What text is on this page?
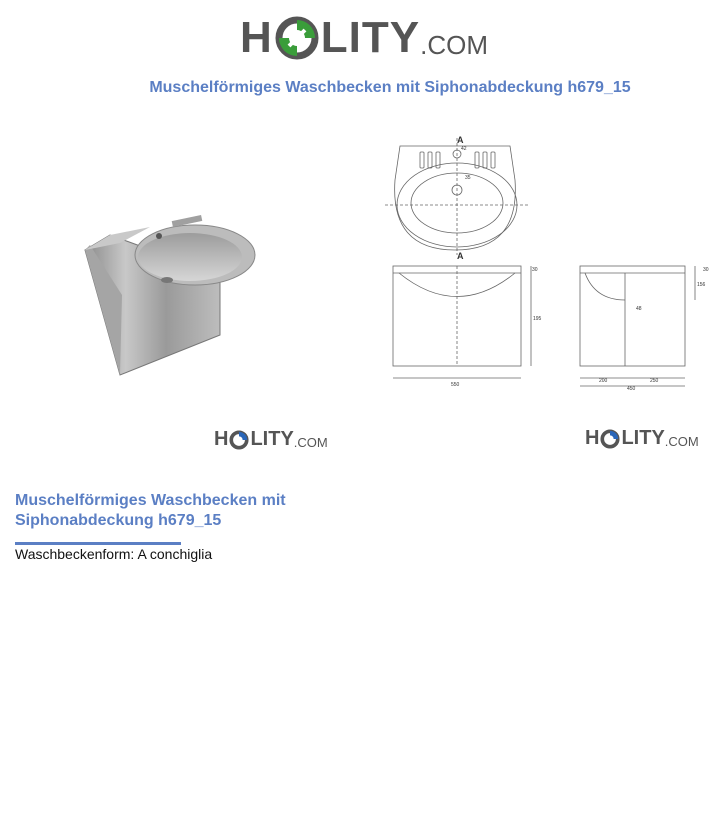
H LITY .COM
Muschelförmiges Waschbecken mit Siphonabdeckung h679_15
A
A
42
35
30
195
550
30
156
48
200	250
450
H LITY .COM	H LITY .COM
Muschelförmiges Waschbecken mit Siphonabdeckung h679_15
Waschbeckenform: A conchiglia
